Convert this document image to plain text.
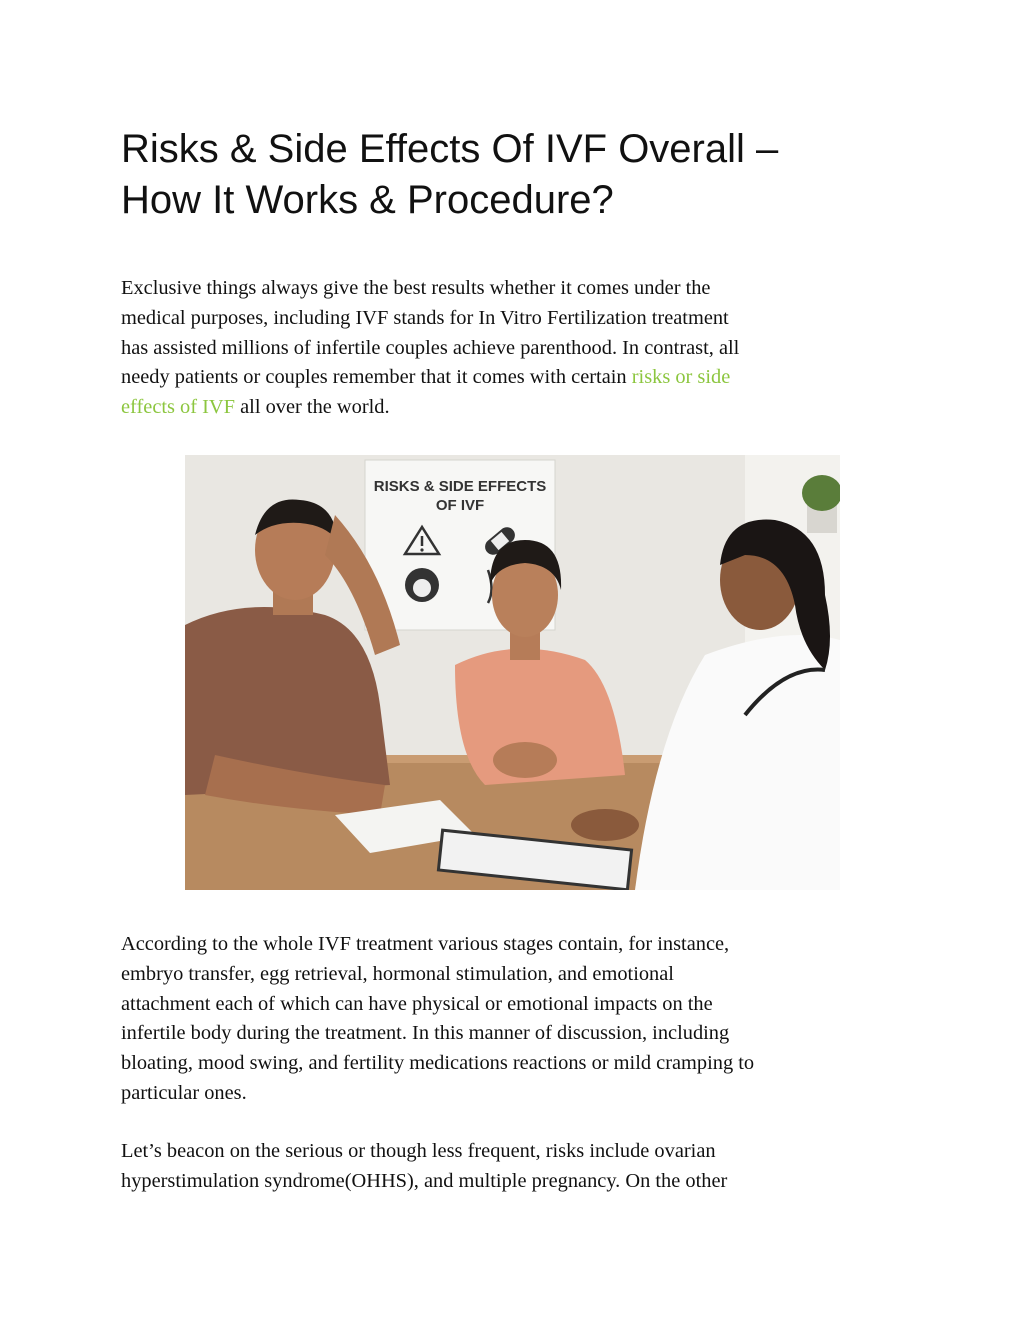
Risks & Side Effects Of IVF Overall –
How It Works & Procedure?

Exclusive things always give the best results whether it comes under the
medical purposes, including IVF stands for In Vitro Fertilization treatment
has assisted millions of infertile couples achieve parenthood. In contrast, all
needy patients or couples remember that it comes with certain risks or side
effects of IVF all over the world.

RISKS & SIDE EFFECTS
OF IVF

According to the whole IVF treatment various stages contain, for instance,
embryo transfer, egg retrieval, hormonal stimulation, and emotional
attachment each of which can have physical or emotional impacts on the
infertile body during the treatment. In this manner of discussion, including
bloating, mood swing, and fertility medications reactions or mild cramping to
particular ones.

Let’s beacon on the serious or though less frequent, risks include ovarian
hyperstimulation syndrome(OHHS), and multiple pregnancy. On the other
